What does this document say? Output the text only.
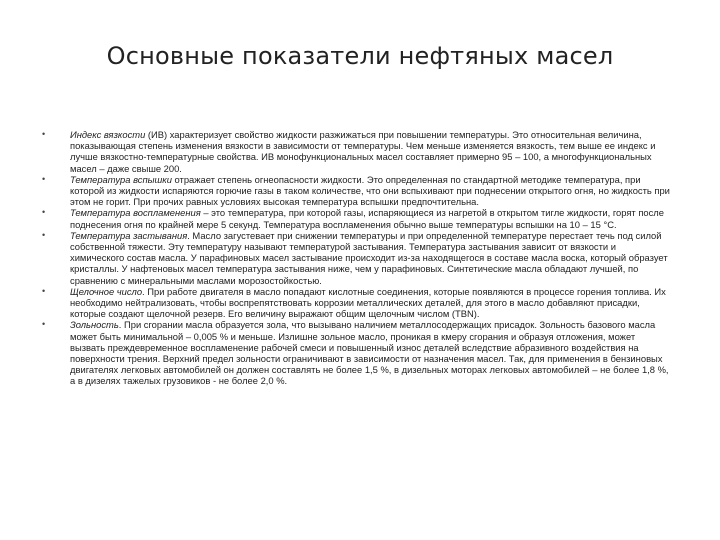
Основные показатели нефтяных масел
•	Индекс вязкости (ИВ) характеризует свойство жидкости разжижаться при повышении температуры. Это относительная величина, показывающая степень изменения вязкости в зависимости от температуры. Чем меньше изменяется вязкость, тем выше ее индекс и лучше вязкостно-температурные свойства. ИВ монофункциональных масел составляет примерно 95 – 100, а многофункциональных масел – даже свыше 200.
•	Температура вспышки отражает степень огнеопасности жидкости. Это определенная по стандартной методике температура, при которой из жидкости испаряются горючие газы в таком количестве, что они вспыхивают при поднесении открытого огня, но жидкость при этом не горит. При прочих равных условиях высокая температура вспышки предпочтительна.
•	Температура воспламенения – это температура, при которой газы, испаряющиеся из нагретой в открытом тигле жидкости, горят после поднесения огня по крайней мере 5 секунд. Температура воспламенения обычно выше температуры вспышки на 10 – 15 °С.
•	Температура застывания. Масло загустевает при снижении температуры и при определенной температуре перестает течь под силой собственной тяжести. Эту температуру называют температурой застывания. Температура застывания зависит от вязкости и химического состав масла. У парафиновых масел застывание происходит из-за находящегося в составе масла воска, который образует кристаллы. У нафтеновых масел температура застывания ниже, чем у парафиновых. Синтетические масла обладают лучшей, по сравнению с минеральными маслами морозостойкостью.
•	Щелочное число. При работе двигателя в масло попадают кислотные соединения, которые появляются в процессе горения топлива. Их необходимо нейтрализовать, чтобы воспрепятствовать коррозии металлических деталей, для этого в масло добавляют присадки, которые создают щелочной резерв. Его величину выражают общим щелочным числом (TBN).
•	Зольность. При сгорании масла образуется зола, что вызывано наличием металлосодержащих присадок. Зольность базового масла может быть минимальной – 0,005 % и меньше. Излишне зольное масло, проникая в кмеру сгорания и образуя отложения, может вызвать преждевременное воспламенение рабочей смеси и повышенный износ деталей вследствие абразивного воздействия на поверхности трения. Верхний предел зольности ограничивают в зависимости от назначения масел. Так, для применения в бензиновых двигателях легковых автомобилей он должен составлять не более 1,5 %, в дизельных моторах легковых автомобилей – не более 1,8 %, а в дизелях тажелых грузовиков - не более 2,0 %.
